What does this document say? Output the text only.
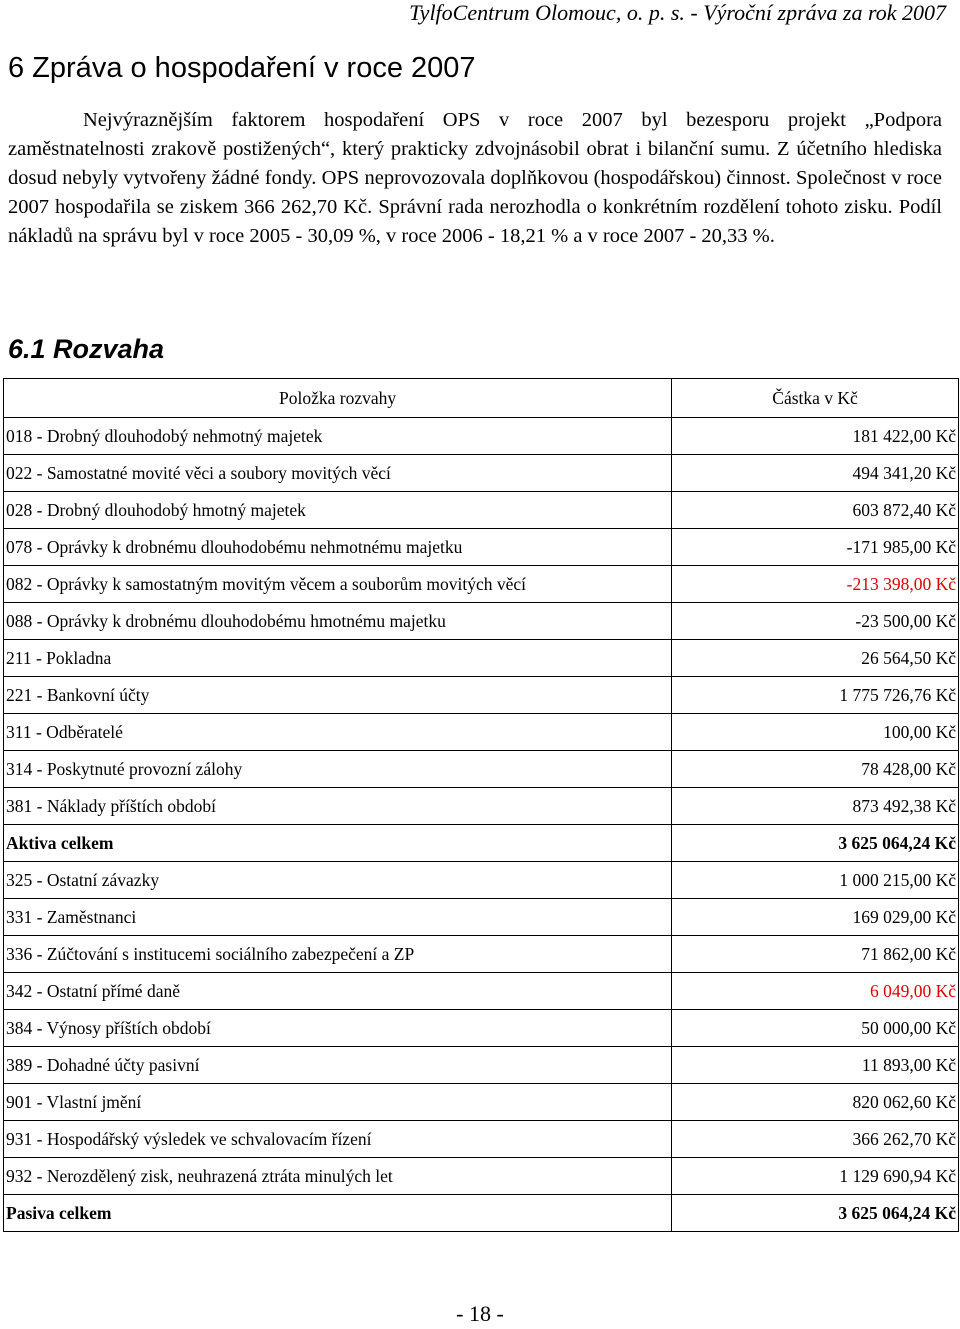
TylfoCentrum Olomouc, o. p. s. - Výroční zpráva za rok 2007
6 Zpráva o hospodaření v roce 2007

Nejvýraznějším faktorem hospodaření OPS v roce 2007 byl bezesporu projekt „Podpora zaměstnatelnosti zrakově postižených“, který prakticky zdvojnásobil obrat i bilanční sumu. Z účetního hlediska dosud nebyly vytvořeny žádné fondy. OPS neprovozovala doplňkovou (hospodářskou) činnost. Společnost v roce 2007 hospodařila se ziskem 366 262,70 Kč. Správní rada nerozhodla o konkrétním rozdělení tohoto zisku. Podíl nákladů na správu byl v roce 2005 - 30,09 %, v roce 2006 - 18,21 % a v roce 2007 - 20,33 %.

6.1 Rozvaha
Položka rozvahy	Částka v Kč
018 - Drobný dlouhodobý nehmotný majetek	181 422,00 Kč
022 - Samostatné movité věci a soubory movitých věcí	494 341,20 Kč
028 - Drobný dlouhodobý hmotný majetek	603 872,40 Kč
078 - Oprávky k drobnému dlouhodobému nehmotnému majetku	-171 985,00 Kč
082 - Oprávky k samostatným movitým věcem a souborům movitých věcí	-213 398,00 Kč
088 - Oprávky k drobnému dlouhodobému hmotnému majetku	-23 500,00 Kč
211 - Pokladna	26 564,50 Kč
221 - Bankovní účty	1 775 726,76 Kč
311 - Odběratelé	100,00 Kč
314 - Poskytnuté provozní zálohy	78 428,00 Kč
381 - Náklady příštích období	873 492,38 Kč
Aktiva celkem	3 625 064,24 Kč
325 - Ostatní závazky	1 000 215,00 Kč
331 - Zaměstnanci	169 029,00 Kč
336 - Zúčtování s institucemi sociálního zabezpečení a ZP	71 862,00 Kč
342 - Ostatní přímé daně	6 049,00 Kč
384 - Výnosy příštích období	50 000,00 Kč
389 - Dohadné účty pasivní	11 893,00 Kč
901 - Vlastní jmění	820 062,60 Kč
931 - Hospodářský výsledek ve schvalovacím řízení	366 262,70 Kč
932 - Nerozdělený zisk, neuhrazená ztráta minulých let	1 129 690,94 Kč
Pasiva celkem	3 625 064,24 Kč
- 18 -
